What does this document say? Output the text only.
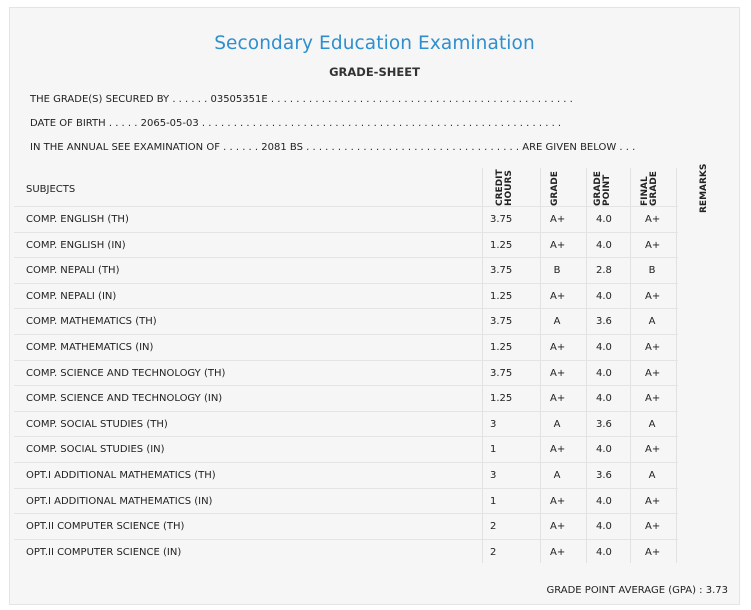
Secondary Education Examination
GRADE-SHEET
THE GRADE(S) SECURED BY . . . . . . 03505351E . . . . . . . . . . . . . . . . . . . . . . . . . . . . . . . . . . . . . . . . . . . . . . . .
DATE OF BIRTH . . . . . 2065-05-03 . . . . . . . . . . . . . . . . . . . . . . . . . . . . . . . . . . . . . . . . . . . . . . . . . . . . . . . . .
IN THE ANNUAL SEE EXAMINATION OF . . . . . . 2081 BS . . . . . . . . . . . . . . . . . . . . . . . . . . . . . . . . . . ARE GIVEN BELOW . . .
SUBJECTS	CREDIT HOURS	GRADE	GRADE POINT	FINAL GRADE	REMARKS
COMP. ENGLISH (TH)	3.75	A+	4.0	A+
COMP. ENGLISH (IN)	1.25	A+	4.0	A+
COMP. NEPALI (TH)	3.75	B	2.8	B
COMP. NEPALI (IN)	1.25	A+	4.0	A+
COMP. MATHEMATICS (TH)	3.75	A	3.6	A
COMP. MATHEMATICS (IN)	1.25	A+	4.0	A+
COMP. SCIENCE AND TECHNOLOGY (TH)	3.75	A+	4.0	A+
COMP. SCIENCE AND TECHNOLOGY (IN)	1.25	A+	4.0	A+
COMP. SOCIAL STUDIES (TH)	3	A	3.6	A
COMP. SOCIAL STUDIES (IN)	1	A+	4.0	A+
OPT.I ADDITIONAL MATHEMATICS (TH)	3	A	3.6	A
OPT.I ADDITIONAL MATHEMATICS (IN)	1	A+	4.0	A+
OPT.II COMPUTER SCIENCE (TH)	2	A+	4.0	A+
OPT.II COMPUTER SCIENCE (IN)	2	A+	4.0	A+
GRADE POINT AVERAGE (GPA) : 3.73
